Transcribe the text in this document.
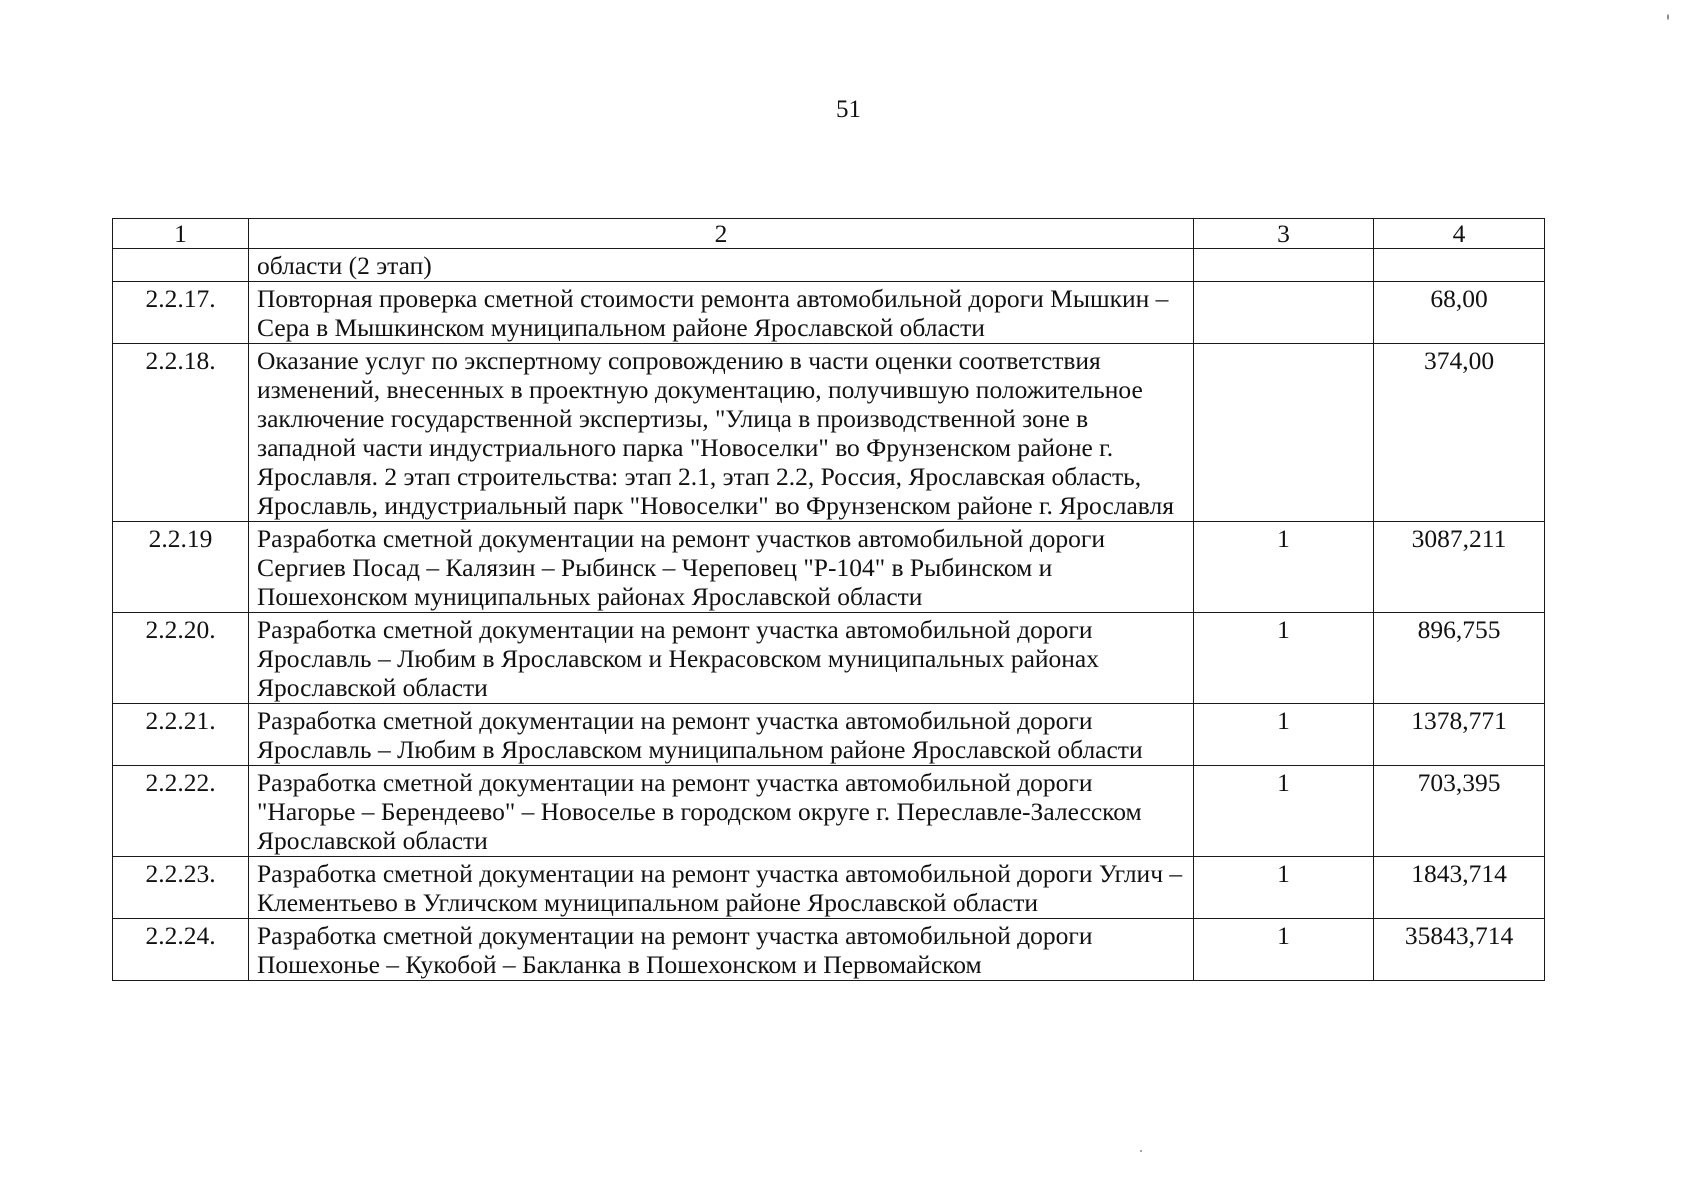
51
1	2	3	4
	области (2 этап)		
2.2.17.	Повторная проверка сметной стоимости ремонта автомобильной дороги Мышкин – Сера в Мышкинском муниципальном районе Ярославской области		68,00
2.2.18.	Оказание услуг по экспертному сопровождению в части оценки соответствия изменений, внесенных в проектную документацию, получившую положительное заключение государственной экспертизы, "Улица в производственной зоне в западной части индустриального парка "Новоселки" во Фрунзенском районе г. Ярославля. 2 этап строительства: этап 2.1, этап 2.2, Россия, Ярославская область, Ярославль, индустриальный парк "Новоселки" во Фрунзенском районе г. Ярославля		374,00
2.2.19	Разработка сметной документации на ремонт участков автомобильной дороги Сергиев Посад – Калязин – Рыбинск – Череповец "Р-104" в Рыбинском и Пошехонском муниципальных районах Ярославской области	1	3087,211
2.2.20.	Разработка сметной документации на ремонт участка автомобильной дороги Ярославль – Любим в Ярославском и Некрасовском муниципальных районах Ярославской области	1	896,755
2.2.21.	Разработка сметной документации на ремонт участка автомобильной дороги Ярославль – Любим в Ярославском муниципальном районе Ярославской области	1	1378,771
2.2.22.	Разработка сметной документации на ремонт участка автомобильной дороги "Нагорье – Берендеево" – Новоселье в городском округе г. Переславле-Залесском Ярославской области	1	703,395
2.2.23.	Разработка сметной документации на ремонт участка автомобильной дороги Углич – Клементьево в Угличском муниципальном районе Ярославской области	1	1843,714
2.2.24.	Разработка сметной документации на ремонт участка автомобильной дороги Пошехонье – Кукобой – Бакланка в Пошехонском и Первомайском	1	35843,714
